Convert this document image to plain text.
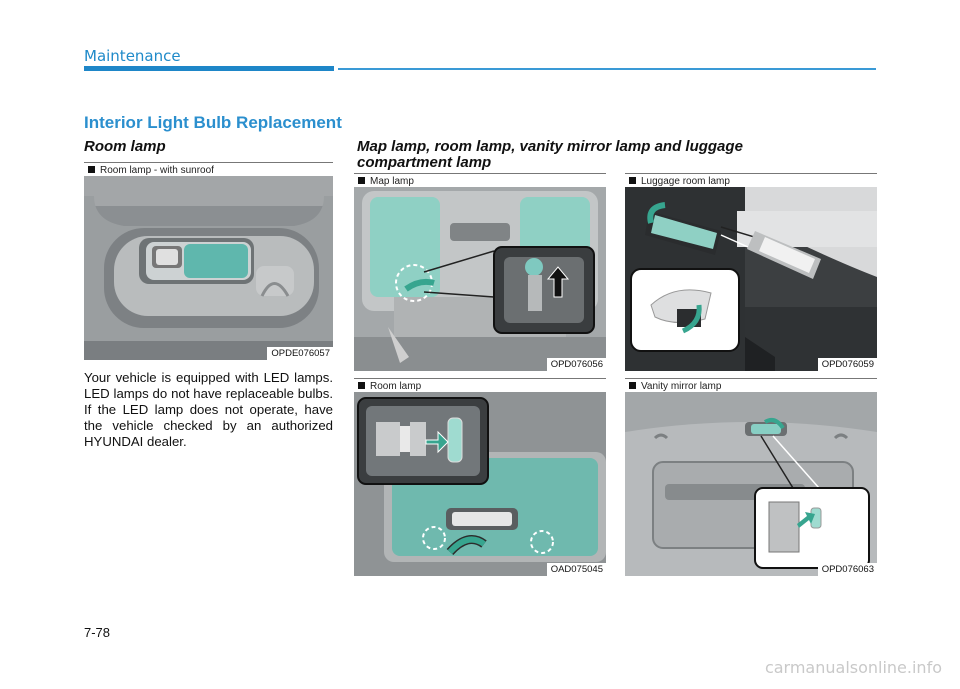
Maintenance
Interior Light Bulb Replacement
Room lamp
Room lamp - with sunroof
OPDE076057
Your vehicle is equipped with LED lamps. LED lamps do not have replaceable bulbs. If the LED lamp does not operate, have the vehicle checked by an authorized HYUNDAI dealer.
Map lamp, room lamp, vanity mirror lamp and luggage
compartment lamp
Map lamp
OPD076056
Luggage room lamp
OPD076059
Room lamp
OAD075045
Vanity mirror lamp
OPD076063
7-78
carmanualsonline.info
